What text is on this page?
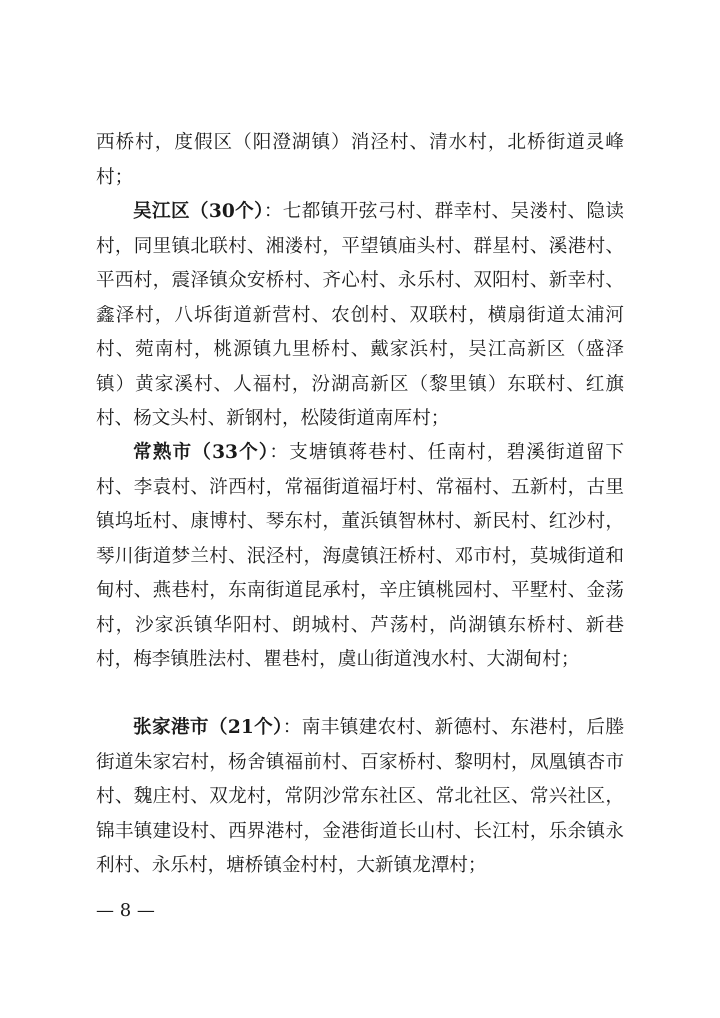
西桥村，度假区（阳澄湖镇）消泾村、清水村，北桥街道灵峰村；

吴江区（30个）：七都镇开弦弓村、群幸村、吴溇村、隐读村，同里镇北联村、湘溇村，平望镇庙头村、群星村、溪港村、平西村，震泽镇众安桥村、齐心村、永乐村、双阳村、新幸村、鑫泽村，八坼街道新营村、农创村、双联村，横扇街道太浦河村、菀南村，桃源镇九里桥村、戴家浜村，吴江高新区（盛泽镇）黄家溪村、人福村，汾湖高新区（黎里镇）东联村、红旗村、杨文头村、新钢村，松陵街道南厍村；

常熟市（33个）：支塘镇蒋巷村、任南村，碧溪街道留下村、李袁村、浒西村，常福街道福圩村、常福村、五新村，古里镇坞坵村、康博村、琴东村，董浜镇智林村、新民村、红沙村，琴川街道梦兰村、泯泾村，海虞镇汪桥村、邓市村，莫城街道和甸村、燕巷村，东南街道昆承村，辛庄镇桃园村、平墅村、金荡村，沙家浜镇华阳村、朗城村、芦荡村，尚湖镇东桥村、新巷村，梅李镇胜法村、瞿巷村，虞山街道洩水村、大湖甸村；

张家港市（21个）：南丰镇建农村、新德村、东港村，后塍街道朱家宕村，杨舍镇福前村、百家桥村、黎明村，凤凰镇杏市村、魏庄村、双龙村，常阴沙常东社区、常北社区、常兴社区，锦丰镇建设村、西界港村，金港街道长山村、长江村，乐余镇永利村、永乐村，塘桥镇金村村，大新镇龙潭村；

— 8 —
